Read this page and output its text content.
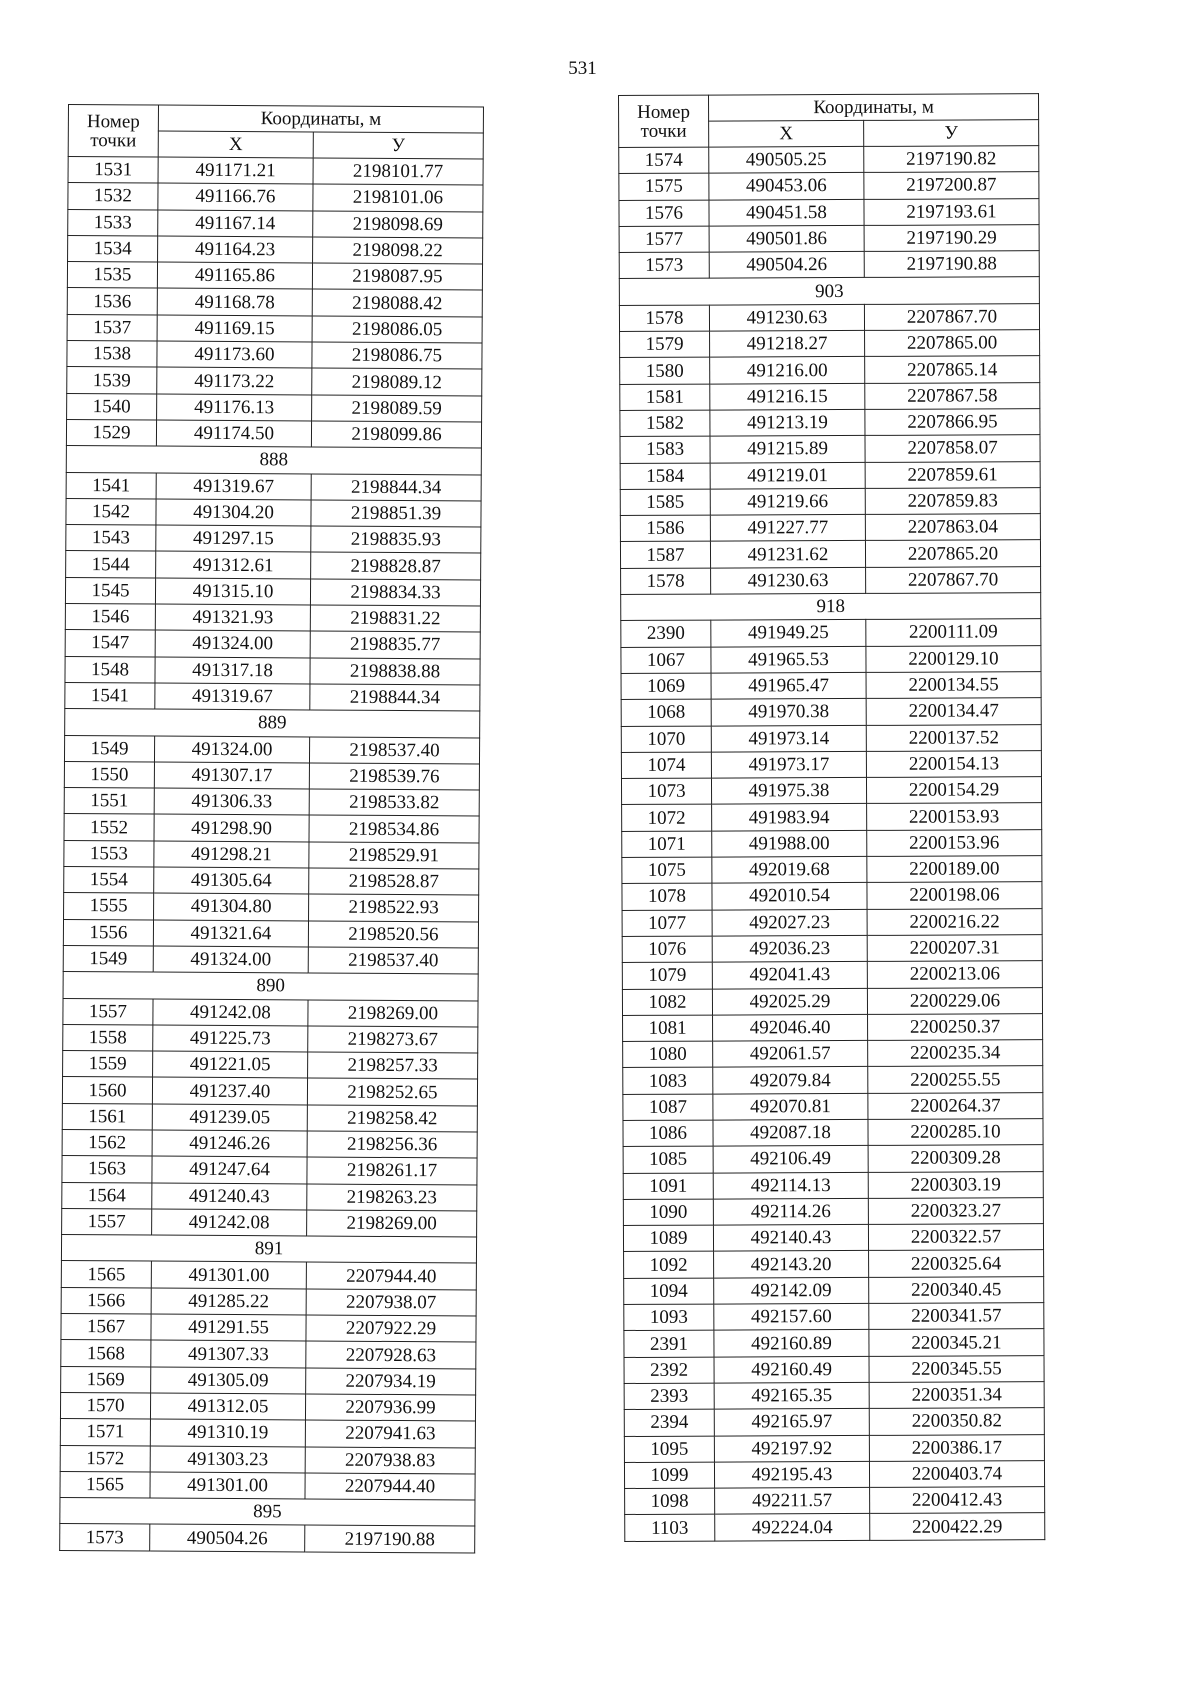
531
Номер
точки	Координаты, м	
	X	У
1531	491171.21	2198101.77
1532	491166.76	2198101.06
1533	491167.14	2198098.69
1534	491164.23	2198098.22
1535	491165.86	2198087.95
1536	491168.78	2198088.42
1537	491169.15	2198086.05
1538	491173.60	2198086.75
1539	491173.22	2198089.12
1540	491176.13	2198089.59
1529	491174.50	2198099.86
888		
1541	491319.67	2198844.34
1542	491304.20	2198851.39
1543	491297.15	2198835.93
1544	491312.61	2198828.87
1545	491315.10	2198834.33
1546	491321.93	2198831.22
1547	491324.00	2198835.77
1548	491317.18	2198838.88
1541	491319.67	2198844.34
889		
1549	491324.00	2198537.40
1550	491307.17	2198539.76
1551	491306.33	2198533.82
1552	491298.90	2198534.86
1553	491298.21	2198529.91
1554	491305.64	2198528.87
1555	491304.80	2198522.93
1556	491321.64	2198520.56
1549	491324.00	2198537.40
890		
1557	491242.08	2198269.00
1558	491225.73	2198273.67
1559	491221.05	2198257.33
1560	491237.40	2198252.65
1561	491239.05	2198258.42
1562	491246.26	2198256.36
1563	491247.64	2198261.17
1564	491240.43	2198263.23
1557	491242.08	2198269.00
891		
1565	491301.00	2207944.40
1566	491285.22	2207938.07
1567	491291.55	2207922.29
1568	491307.33	2207928.63
1569	491305.09	2207934.19
1570	491312.05	2207936.99
1571	491310.19	2207941.63
1572	491303.23	2207938.83
1565	491301.00	2207944.40
895		
1573	490504.26	2197190.88
Номер
точки	Координаты, м	
	X	У
1574	490505.25	2197190.82
1575	490453.06	2197200.87
1576	490451.58	2197193.61
1577	490501.86	2197190.29
1573	490504.26	2197190.88
903		
1578	491230.63	2207867.70
1579	491218.27	2207865.00
1580	491216.00	2207865.14
1581	491216.15	2207867.58
1582	491213.19	2207866.95
1583	491215.89	2207858.07
1584	491219.01	2207859.61
1585	491219.66	2207859.83
1586	491227.77	2207863.04
1587	491231.62	2207865.20
1578	491230.63	2207867.70
918		
2390	491949.25	2200111.09
1067	491965.53	2200129.10
1069	491965.47	2200134.55
1068	491970.38	2200134.47
1070	491973.14	2200137.52
1074	491973.17	2200154.13
1073	491975.38	2200154.29
1072	491983.94	2200153.93
1071	491988.00	2200153.96
1075	492019.68	2200189.00
1078	492010.54	2200198.06
1077	492027.23	2200216.22
1076	492036.23	2200207.31
1079	492041.43	2200213.06
1082	492025.29	2200229.06
1081	492046.40	2200250.37
1080	492061.57	2200235.34
1083	492079.84	2200255.55
1087	492070.81	2200264.37
1086	492087.18	2200285.10
1085	492106.49	2200309.28
1091	492114.13	2200303.19
1090	492114.26	2200323.27
1089	492140.43	2200322.57
1092	492143.20	2200325.64
1094	492142.09	2200340.45
1093	492157.60	2200341.57
2391	492160.89	2200345.21
2392	492160.49	2200345.55
2393	492165.35	2200351.34
2394	492165.97	2200350.82
1095	492197.92	2200386.17
1099	492195.43	2200403.74
1098	492211.57	2200412.43
1103	492224.04	2200422.29
